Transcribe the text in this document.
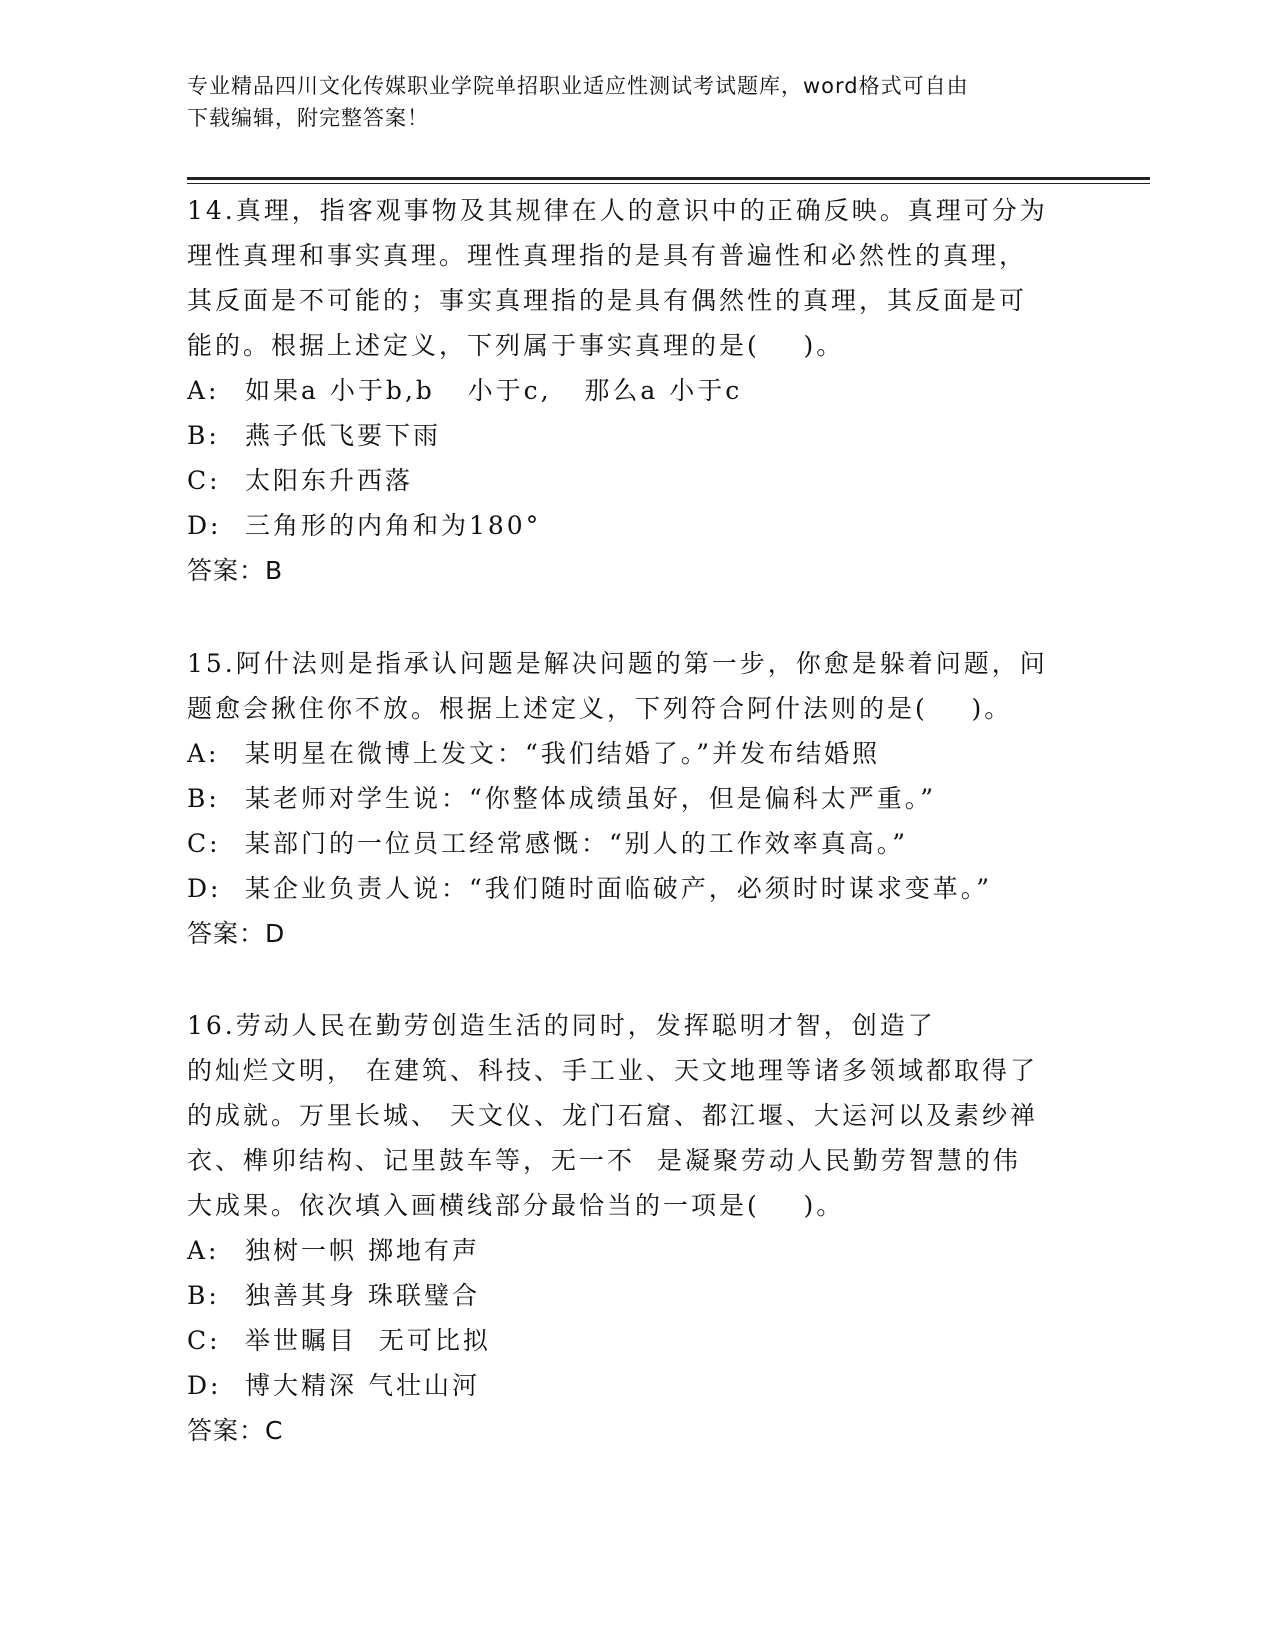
专业精品四川文化传媒职业学院单招职业适应性测试考试题库，word格式可自由
下载编辑，附完整答案！
14.真理，指客观事物及其规律在人的意识中的正确反映。真理可分为
理性真理和事实真理。理性真理指的是具有普遍性和必然性的真理，
其反面是不可能的；事实真理指的是具有偶然性的真理，其反面是可
能的。根据上述定义，下列属于事实真理的是(    )。
A: 如果a 小于b,b   小于c,   那么a 小于c
B: 燕子低飞要下雨
C: 太阳东升西落
D: 三角形的内角和为180°
答案：B
15.阿什法则是指承认问题是解决问题的第一步，你愈是躲着问题，问
题愈会揪住你不放。根据上述定义，下列符合阿什法则的是(    )。
A: 某明星在微博上发文：“我们结婚了。”并发布结婚照
B: 某老师对学生说：“你整体成绩虽好，但是偏科太严重。”
C: 某部门的一位员工经常感慨：“别人的工作效率真高。”
D: 某企业负责人说：“我们随时面临破产，必须时时谋求变革。”
答案：D
16.劳动人民在勤劳创造生活的同时，发挥聪明才智，创造了
的灿烂文明， 在建筑、科技、手工业、天文地理等诸多领域都取得了
的成就。万里长城、 天文仪、龙门石窟、都江堰、大运河以及素纱禅
衣、榫卯结构、记里鼓车等，无一不  是凝聚劳动人民勤劳智慧的伟
大成果。依次填入画横线部分最恰当的一项是(    )。
A: 独树一帜 掷地有声
B: 独善其身 珠联璧合
C: 举世瞩目  无可比拟
D: 博大精深 气壮山河
答案：C
